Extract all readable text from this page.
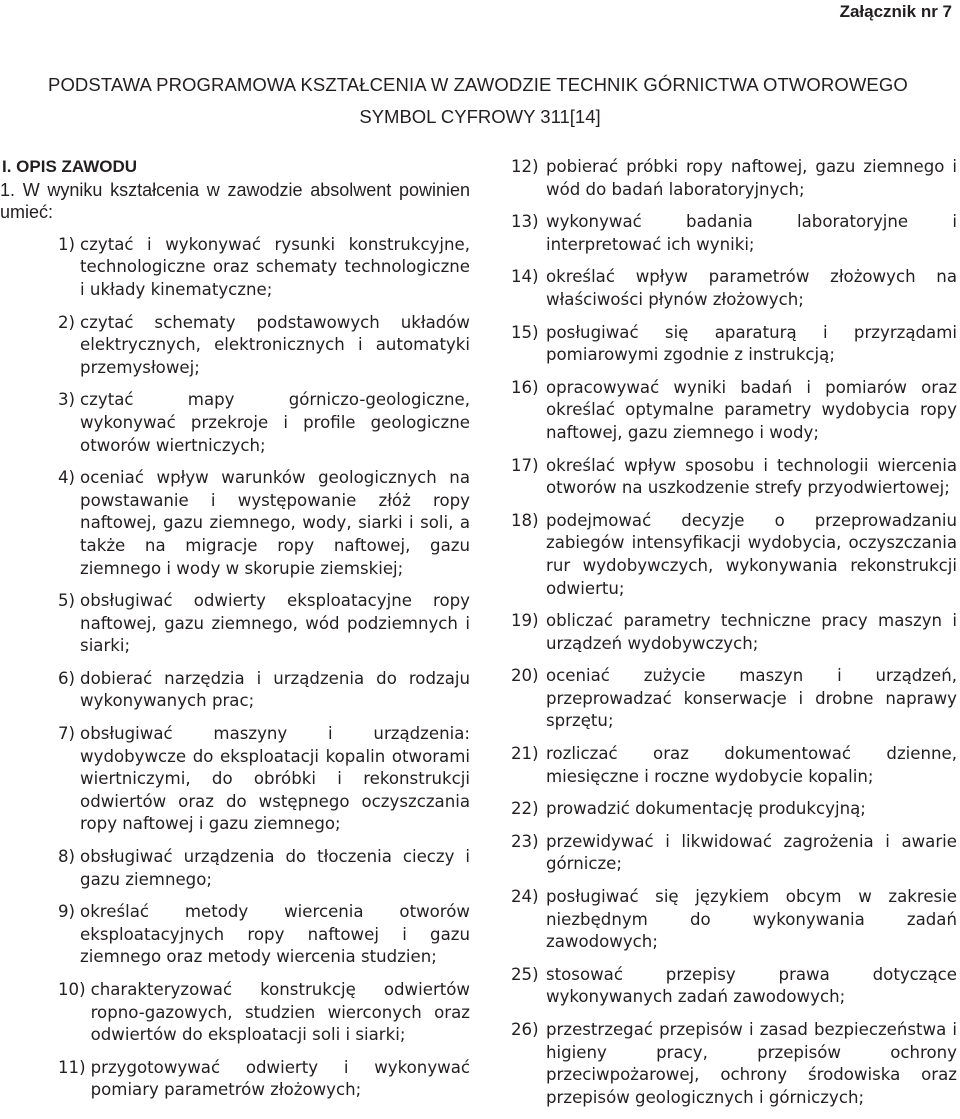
Załącznik nr 7
PODSTAWA PROGRAMOWA KSZTAŁCENIA W ZAWODZIE TECHNIK GÓRNICTWA OTWOROWEGO
SYMBOL CYFROWY 311[14]

I. OPIS ZAWODU

1. W wyniku kształcenia w zawodzie absolwent powinien umieć:

1) czytać i wykonywać rysunki konstrukcyjne, technologiczne oraz schematy technologiczne i układy kinematyczne;
2) czytać schematy podstawowych układów elektrycznych, elektronicznych i automatyki przemysłowej;
3) czytać mapy górniczo-geologiczne, wykonywać przekroje i profile geologiczne otworów wiertniczych;
4) oceniać wpływ warunków geologicznych na powstawanie i występowanie złóż ropy naftowej, gazu ziemnego, wody, siarki i soli, a także na migracje ropy naftowej, gazu ziemnego i wody w skorupie ziemskiej;
5) obsługiwać odwierty eksploatacyjne ropy naftowej, gazu ziemnego, wód podziemnych i siarki;
6) dobierać narzędzia i urządzenia do rodzaju wykonywanych prac;
7) obsługiwać maszyny i urządzenia: wydobywcze do eksploatacji kopalin otworami wiertniczymi, do obróbki i rekonstrukcji odwiertów oraz do wstępnego oczyszczania ropy naftowej i gazu ziemnego;
8) obsługiwać urządzenia do tłoczenia cieczy i gazu ziemnego;
9) określać metody wiercenia otworów eksploatacyjnych ropy naftowej i gazu ziemnego oraz metody wiercenia studzien;
10) charakteryzować konstrukcję odwiertów ropno-gazowych, studzien wierconych oraz odwiertów do eksploatacji soli i siarki;
11) przygotowywać odwierty i wykonywać pomiary parametrów złożowych;
12) pobierać próbki ropy naftowej, gazu ziemnego i wód do badań laboratoryjnych;
13) wykonywać badania laboratoryjne i interpretować ich wyniki;
14) określać wpływ parametrów złożowych na właściwości płynów złożowych;
15) posługiwać się aparaturą i przyrządami pomiarowymi zgodnie z instrukcją;
16) opracowywać wyniki badań i pomiarów oraz określać optymalne parametry wydobycia ropy naftowej, gazu ziemnego i wody;
17) określać wpływ sposobu i technologii wiercenia otworów na uszkodzenie strefy przyodwiertowej;
18) podejmować decyzje o przeprowadzaniu zabiegów intensyfikacji wydobycia, oczyszczania rur wydobywczych, wykonywania rekonstrukcji odwiertu;
19) obliczać parametry techniczne pracy maszyn i urządzeń wydobywczych;
20) oceniać zużycie maszyn i urządzeń, przeprowadzać konserwacje i drobne naprawy sprzętu;
21) rozliczać oraz dokumentować dzienne, miesięczne i roczne wydobycie kopalin;
22) prowadzić dokumentację produkcyjną;
23) przewidywać i likwidować zagrożenia i awarie górnicze;
24) posługiwać się językiem obcym w zakresie niezbędnym do wykonywania zadań zawodowych;
25) stosować przepisy prawa dotyczące wykonywanych zadań zawodowych;
26) przestrzegać przepisów i zasad bezpieczeństwa i higieny pracy, przepisów ochrony przeciwpożarowej, ochrony środowiska oraz przepisów geologicznych i górniczych;
